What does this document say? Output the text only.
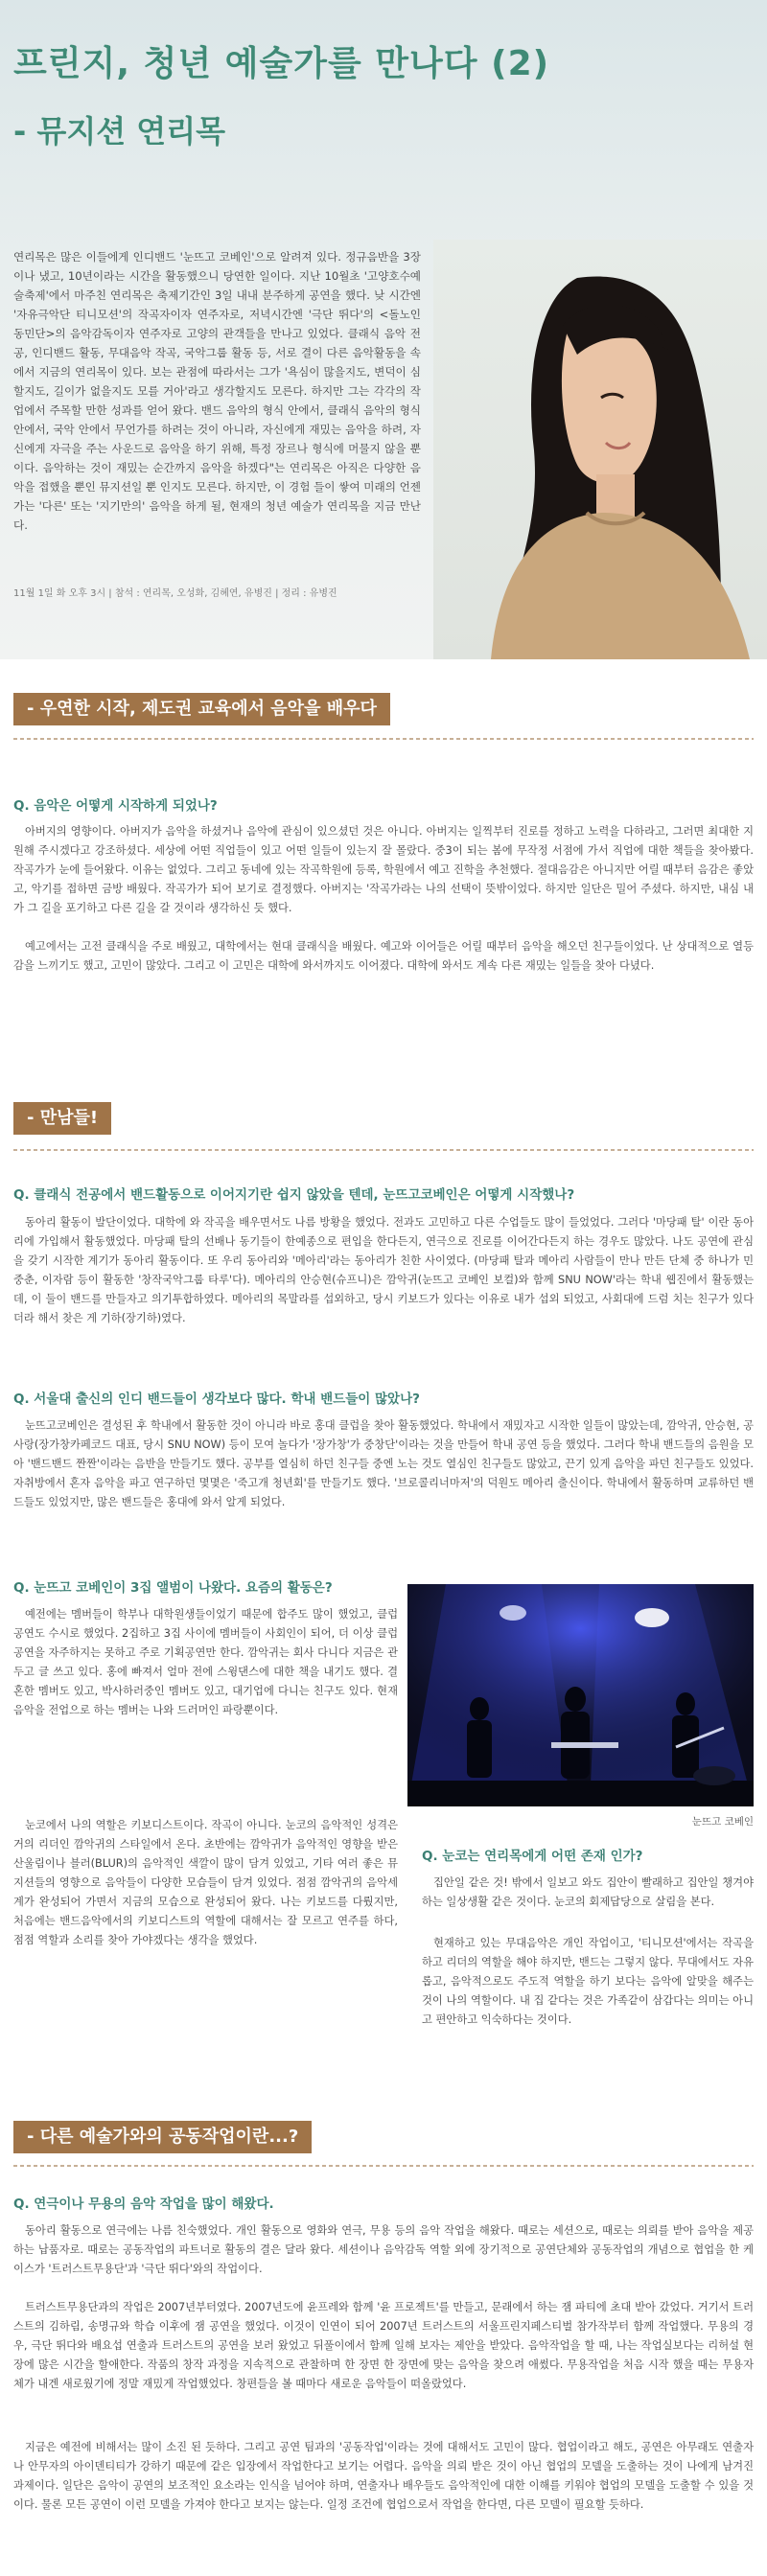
프린지, 청년 예술가를 만나다 (2)
- 뮤지션 연리목

연리목은 많은 이들에게 인디밴드 '눈뜨고 코베인'으로 알려져 있다. 정규음반을 3장이나 냈고, 10년이라는 시간을 활동했으니 당연한 일이다. 지난 10월초 '고양호수예술축제'에서 마주친 연리목은 축제기간인 3일 내내 분주하게 공연을 했다. 낮 시간엔 '자유극악단 티니모션'의 작곡자이자 연주자로, 저녁시간엔 '극단 뛰다'의 <돌노인 동민단>의 음악감독이자 연주자로 고양의 관객들을 만나고 있었다. 클래식 음악 전공, 인디밴드 활동, 무대음악 작곡, 국악그룹 활동 등, 서로 결이 다른 음악활동을 속에서 지금의 연리목이 있다. 보는 관점에 따라서는 그가 '욕심이 많을지도, 변덕이 심할지도, 길이가 없을지도 모를 거아'라고 생각할지도 모른다. 하지만 그는 각각의 작업에서 주목할 만한 성과를 얻어 왔다. 밴드 음악의 형식 안에서, 클래식 음악의 형식 안에서, 국악 안에서 무언가를 하려는 것이 아니라, 자신에게 재밌는 음악을 하려, 자신에게 자극을 주는 사운드로 음악을 하기 위해, 특정 장르나 형식에 머물지 않을 뿐이다. 음악하는 것이 재밌는 순간까지 음악을 하겠다"는 연리목은 아직은 다양한 음악을 접했을 뿐인 뮤지션일 뿐 인지도 모른다. 하지만, 이 경험 들이 쌓여 미래의 언젠가는 '다른' 또는 '지기만의' 음악을 하게 될, 현재의 청년 예술가 연리목을 지금 만난다.

11월 1일 화 오후 3시 | 참석 : 연리목, 오성화, 김혜연, 유병진 | 정리 : 유병진

- 우연한 시작, 제도권 교육에서 음악을 배우다

Q. 음악은 어떻게 시작하게 되었나?

아버지의 영향이다. 아버지가 음악을 하셨거나 음악에 관심이 있으셨던 것은 아니다. 아버지는 일찍부터 진로를 정하고 노력을 다하라고, 그러면 최대한 지원해 주시겠다고 강조하셨다. 세상에 어떤 직업들이 있고 어떤 일들이 있는지 잘 몰랐다. 중3이 되는 봄에 무작정 서점에 가서 직업에 대한 책들을 찾아봤다. 작곡가가 눈에 들어왔다. 이유는 없었다. 그리고 동네에 있는 작곡학원에 등록, 학원에서 예고 진학을 추천했다. 절대음감은 아니지만 어릴 때부터 음감은 좋았고, 악기를 접하면 금방 배웠다. 작곡가가 되어 보기로 결정했다. 아버지는 '작곡가라는 나의 선택이 뜻밖이었다. 하지만 일단은 밀어 주셨다. 하지만, 내심 내가 그 길을 포기하고 다른 길을 갈 것이라 생각하신 듯 했다.

예고에서는 고전 클래식을 주로 배웠고, 대학에서는 현대 클래식을 배웠다. 예고와 이어들은 어릴 때부터 음악을 해오던 친구들이었다. 난 상대적으로 열등감을 느끼기도 했고, 고민이 많았다. 그리고 이 고민은 대학에 와서까지도 이어졌다. 대학에 와서도 계속 다른 재밌는 일들을 찾아 다녔다.

- 만남들!

Q. 클래식 전공에서 밴드활동으로 이어지기란 쉽지 않았을 텐데, 눈뜨고코베인은 어떻게 시작했나?

동아리 활동이 발단이었다. 대학에 와 작곡을 배우면서도 나름 방황을 했었다. 전과도 고민하고 다른 수업들도 많이 들었었다. 그러다 '마당패 탈' 이란 동아리에 가입해서 활동했었다. 마당패 탈의 선배나 동기들이 한예종으로 편입을 한다든지, 연극으로 진로를 이어간다든지 하는 경우도 많았다. 나도 공연에 관심을 갖기 시작한 계기가 동아리 활동이다. 또 우리 동아리와 '메아리'라는 동아리가 친한 사이였다. (마당패 탈과 메아리 사람들이 만나 만든 단체 중 하나가 민중춘, 이자람 등이 활동한 '창작국악그룹 타루'다). 메아리의 안승현(슈프니)은 깜악귀(눈뜨고 코베인 보컬)와 함께 SNU NOW'라는 학내 웹진에서 활동했는데, 이 둘이 밴드를 만들자고 의기투합하였다. 메아리의 목말라를 섭외하고, 당시 키보드가 있다는 이유로 내가 섭외 되었고, 사회대에 드럼 치는 친구가 있다더라 해서 찾은 게 기하(장기하)였다.

Q. 서울대 출신의 인디 밴드들이 생각보다 많다. 학내 밴드들이 많았나?

눈뜨고코베인은 결성된 후 학내에서 활동한 것이 아니라 바로 홍대 클럽을 찾아 활동했었다. 학내에서 재밌자고 시작한 일들이 많았는데, 깜악귀, 안승현, 공사랑(장가창카페코드 대표, 당시 SNU NOW) 등이 모여 놀다가 '장가창'가 중창단'이라는 것을 만들어 학내 공연 등을 했었다. 그러다 학내 밴드들의 음원을 모아 '밴드밴드 짠짠'이라는 음반을 만들기도 했다. 공부를 열심히 하던 친구들 중엔 노는 것도 열심인 친구들도 많았고, 끈기 있게 음악을 파던 친구들도 있었다. 자취방에서 혼자 음악을 파고 연구하던 몇몇은 '죽고개 청년회'를 만들기도 했다. '브로콜리너마저'의 덕원도 메아리 출신이다. 학내에서 활동하며 교류하던 밴드들도 있었지만, 많은 밴드들은 홍대에 와서 알게 되었다.

Q. 눈뜨고 코베인이 3집 앨범이 나왔다. 요즘의 활동은?

예전에는 멤버들이 학부나 대학원생들이었기 때문에 합주도 많이 했었고, 클럽공연도 수시로 했었다. 2집하고 3집 사이에 멤버들이 사회인이 되어, 더 이상 클럽공연을 자주하지는 못하고 주로 기획공연만 한다. 깜악귀는 회사 다니다 지금은 관두고 글 쓰고 있다. 홍에 빠져서 얼마 전에 스윙댄스에 대한 책을 내기도 했다. 결혼한 멤버도 있고, 박사하러중인 멤버도 있고, 대기업에 다니는 친구도 있다. 현재 음악을 전업으로 하는 멤버는 나와 드러머인 파랑뿐이다.

눈코에서 나의 역할은 키보디스트이다. 작곡이 아니다. 눈코의 음악적인 성격은 거의 리더인 깜악귀의 스타일에서 온다. 초반에는 깜악귀가 음악적인 영향을 받은 산울림이나 블러(BLUR)의 음악적인 색깔이 많이 담겨 있었고, 기타 여러 좋은 뮤지션들의 영향으로 음악들이 다양한 모습들이 담겨 있었다. 점점 깜악귀의 음악세계가 완성되어 가면서 지금의 모습으로 완성되어 왔다. 나는 키보드를 다뤘지만, 처음에는 밴드음악에서의 키보디스트의 역할에 대해서는 잘 모르고 연주를 하다, 점점 역할과 소리를 찾아 가야겠다는 생각을 했었다.

눈뜨고 코베인

Q. 눈코는 연리목에게 어떤 존재 인가?

집안일 같은 것! 밖에서 일보고 와도 집안이 빨래하고 집안일 챙겨야 하는 일상생활 같은 것이다. 눈코의 회제답당으로 살림을 본다.

현재하고 있는 무대음악은 개인 작업이고, '티니모션'에서는 작곡을 하고 리더의 역할을 해야 하지만, 밴드는 그렇지 않다. 무대에서도 자유롭고, 음악적으로도 주도적 역할을 하기 보다는 음악에 알맞을 해주는 것이 나의 역할이다. 내 집 같다는 것은 가족같이 삼갑다는 의미는 아니고 편안하고 익숙하다는 것이다.

- 다른 예술가와의 공동작업이란...?

Q. 연극이나 무용의 음악 작업을 많이 해왔다.

동아리 활동으로 연극에는 나름 친숙했었다. 개인 활동으로 영화와 연극, 무용 등의 음악 작업을 해왔다. 때로는 세션으로, 때로는 의뢰를 받아 음악을 제공하는 납품자로. 때로는 공동작업의 파트너로 활동의 결은 달라 왔다. 세션이나 음악감독 역할 외에 장기적으로 공연단체와 공동작업의 개념으로 협업을 한 케이스가 '트러스트무용단'과 '극단 뛰다'와의 작업이다.

트러스트무용단과의 작업은 2007년부터였다. 2007년도에 윤프레와 함께 '윤 프로젝트'를 만들고, 문래에서 하는 잼 파티에 초대 받아 갔었다. 거기서 트러스트의 김하림, 송명규와 학습 이후에 잼 공연을 했었다. 이것이 인연이 되어 2007년 트러스트의 서울프린지페스티벌 참가작부터 함께 작업했다. 무용의 경우, 극단 뛰다와 배요섭 연출과 트러스트의 공연을 보러 왔었고 뒤풀이에서 함께 일해 보자는 제안을 받았다. 음악작업을 할 때, 나는 작업실보다는 리허설 현장에 많은 시간을 할애한다. 작품의 창작 과정을 지속적으로 관찰하며 한 장면 한 장면에 맞는 음악을 찾으려 애썼다. 무용작업을 처음 시작 했을 때는 무용자체가 내겐 새로웠기에 정말 재밌게 작업했었다. 창편들을 볼 때마다 새로운 음악들이 떠올랐었다.

지금은 예전에 비해서는 많이 소진 된 듯하다. 그리고 공연 팀과의 '공동작업'이라는 것에 대해서도 고민이 많다. 협업이라고 해도, 공연은 아무래도 연출자나 안무자의 아이덴티티가 강하기 때문에 같은 입장에서 작업한다고 보기는 어렵다. 음악을 의뢰 받은 것이 아닌 협업의 모델을 도출하는 것이 나에게 남겨진 과제이다. 일단은 음악이 공연의 보조적인 요소라는 인식을 넘어야 하며, 연출자나 배우들도 음악적인에 대한 이해를 키워야 협업의 모델을 도출할 수 있을 것이다. 물론 모든 공연이 이런 모델을 가져야 한다고 보지는 않는다. 일정 조건에 협업으로서 작업을 한다면, 다른 모델이 필요할 듯하다.
